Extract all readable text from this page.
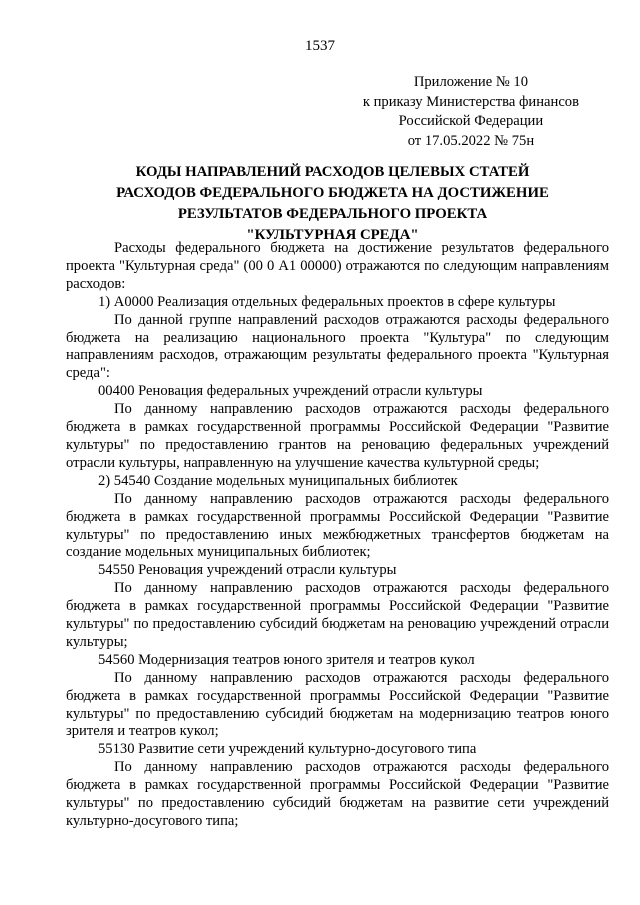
1537
Приложение № 10
к приказу Министерства финансов
Российской Федерации
от 17.05.2022 № 75н
КОДЫ НАПРАВЛЕНИЙ РАСХОДОВ ЦЕЛЕВЫХ СТАТЕЙ
РАСХОДОВ ФЕДЕРАЛЬНОГО БЮДЖЕТА НА ДОСТИЖЕНИЕ
РЕЗУЛЬТАТОВ ФЕДЕРАЛЬНОГО ПРОЕКТА
"КУЛЬТУРНАЯ СРЕДА"

Расходы федерального бюджета на достижение результатов федерального проекта "Культурная среда" (00 0 А1 00000) отражаются по следующим направлениям расходов:

1) А0000 Реализация отдельных федеральных проектов в сфере культуры

По данной группе направлений расходов отражаются расходы федерального бюджета на реализацию национального проекта "Культура" по следующим направлениям расходов, отражающим результаты федерального проекта "Культурная среда":

00400 Реновация федеральных учреждений отрасли культуры

По данному направлению расходов отражаются расходы федерального бюджета в рамках государственной программы Российской Федерации "Развитие культуры" по предоставлению грантов на реновацию федеральных учреждений отрасли культуры, направленную на улучшение качества культурной среды;

2) 54540 Создание модельных муниципальных библиотек

По данному направлению расходов отражаются расходы федерального бюджета в рамках государственной программы Российской Федерации "Развитие культуры" по предоставлению иных межбюджетных трансфертов бюджетам на создание модельных муниципальных библиотек;

54550 Реновация учреждений отрасли культуры

По данному направлению расходов отражаются расходы федерального бюджета в рамках государственной программы Российской Федерации "Развитие культуры" по предоставлению субсидий бюджетам на реновацию учреждений отрасли культуры;

54560 Модернизация театров юного зрителя и театров кукол

По данному направлению расходов отражаются расходы федерального бюджета в рамках государственной программы Российской Федерации "Развитие культуры" по предоставлению субсидий бюджетам на модернизацию театров юного зрителя и театров кукол;

55130 Развитие сети учреждений культурно-досугового типа

По данному направлению расходов отражаются расходы федерального бюджета в рамках государственной программы Российской Федерации "Развитие культуры" по предоставлению субсидий бюджетам на развитие сети учреждений культурно-досугового типа;
